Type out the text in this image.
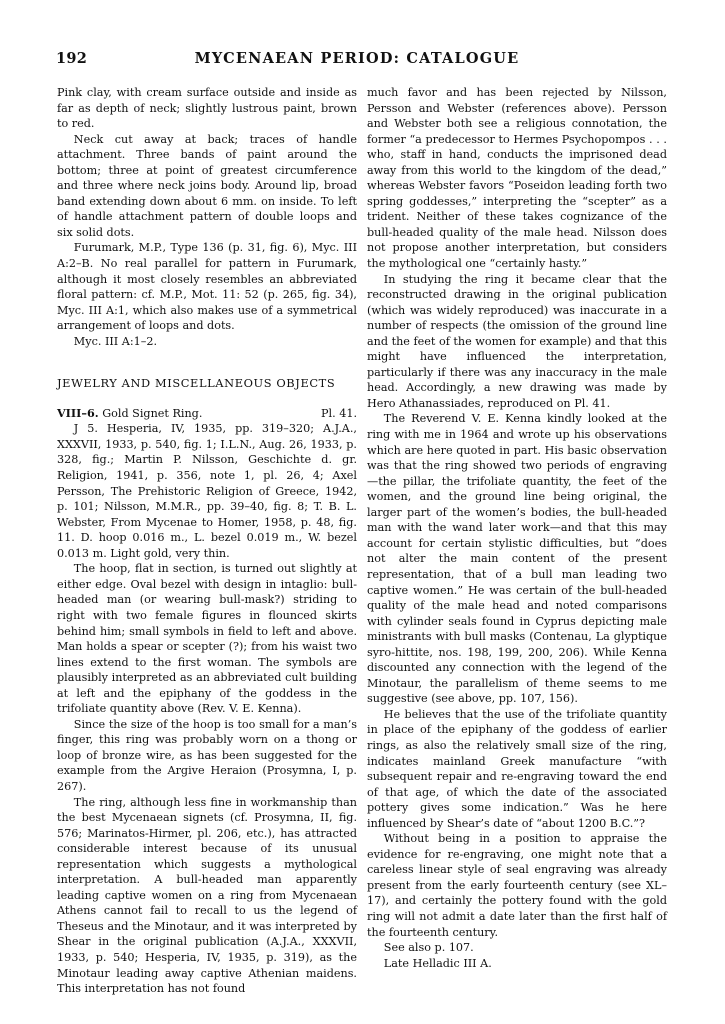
192	MYCENAEAN PERIOD: CATALOGUE

Pink clay, with cream surface outside and inside as far as depth of neck; slightly lustrous paint, brown to red.

Neck cut away at back; traces of handle attachment. Three bands of paint around the bottom; three at point of greatest circumference and three where neck joins body. Around lip, broad band extending down about 6 mm. on inside. To left of handle attachment pattern of double loops and six solid dots.

Furumark, M.P., Type 136 (p. 31, fig. 6), Myc. III A:2–B. No real parallel for pattern in Furumark, although it most closely resembles an abbreviated floral pattern: cf. M.P., Mot. 11: 52 (p. 265, fig. 34), Myc. III A:1, which also makes use of a symmetrical arrangement of loops and dots.

Myc. III A:1–2.

JEWELRY AND MISCELLANEOUS OBJECTS
VIII–6. Gold Signet Ring.	Pl. 41.

J 5. Hesperia, IV, 1935, pp. 319–320; A.J.A., XXXVII, 1933, p. 540, fig. 1; I.L.N., Aug. 26, 1933, p. 328, fig.; Martin P. Nilsson, Geschichte d. gr. Religion, 1941, p. 356, note 1, pl. 26, 4; Axel Persson, The Prehistoric Religion of Greece, 1942, p. 101; Nilsson, M.M.R., pp. 39–40, fig. 8; T. B. L. Webster, From Mycenae to Homer, 1958, p. 48, fig. 11. D. hoop 0.016 m., L. bezel 0.019 m., W. bezel 0.013 m. Light gold, very thin.

The hoop, flat in section, is turned out slightly at either edge. Oval bezel with design in intaglio: bull-headed man (or wearing bull-mask?) striding to right with two female figures in flounced skirts behind him; small symbols in field to left and above. Man holds a spear or scepter (?); from his waist two lines extend to the first woman. The symbols are plausibly interpreted as an abbreviated cult building at left and the epiphany of the goddess in the trifoliate quantity above (Rev. V. E. Kenna).

Since the size of the hoop is too small for a man’s finger, this ring was probably worn on a thong or loop of bronze wire, as has been suggested for the example from the Argive Heraion (Prosymna, I, p. 267).

The ring, although less fine in workmanship than the best Mycenaean signets (cf. Prosymna, II, fig. 576; Marinatos-Hirmer, pl. 206, etc.), has attracted considerable interest because of its unusual representation which suggests a mythological interpretation. A bull-headed man apparently leading captive women on a ring from Mycenaean Athens cannot fail to recall to us the legend of Theseus and the Minotaur, and it was interpreted by Shear in the original publication (A.J.A., XXXVII, 1933, p. 540; Hesperia, IV, 1935, p. 319), as the Minotaur leading away captive Athenian maidens. This interpretation has not found

much favor and has been rejected by Nilsson, Persson and Webster (references above). Persson and Webster both see a religious connotation, the former “a predecessor to Hermes Psychopompos . . . who, staff in hand, conducts the imprisoned dead away from this world to the kingdom of the dead,” whereas Webster favors “Poseidon leading forth two spring goddesses,” interpreting the “scepter” as a trident. Neither of these takes cognizance of the bull-headed quality of the male head. Nilsson does not propose another interpretation, but considers the mythological one “certainly hasty.”

In studying the ring it became clear that the reconstructed drawing in the original publication (which was widely reproduced) was inaccurate in a number of respects (the omission of the ground line and the feet of the women for example) and that this might have influenced the interpretation, particularly if there was any inaccuracy in the male head. Accordingly, a new drawing was made by Hero Athanassiades, reproduced on Pl. 41.

The Reverend V. E. Kenna kindly looked at the ring with me in 1964 and wrote up his observations which are here quoted in part. His basic observation was that the ring showed two periods of engraving—the pillar, the trifoliate quantity, the feet of the women, and the ground line being original, the larger part of the women’s bodies, the bull-headed man with the wand later work—and that this may account for certain stylistic difficulties, but “does not alter the main content of the present representation, that of a bull man leading two captive women.” He was certain of the bull-headed quality of the male head and noted comparisons with cylinder seals found in Cyprus depicting male ministrants with bull masks (Contenau, La glyptique syro-hittite, nos. 198, 199, 200, 206). While Kenna discounted any connection with the legend of the Minotaur, the parallelism of theme seems to me suggestive (see above, pp. 107, 156).

He believes that the use of the trifoliate quantity in place of the epiphany of the goddess of earlier rings, as also the relatively small size of the ring, indicates mainland Greek manufacture “with subsequent repair and re-engraving toward the end of that age, of which the date of the associated pottery gives some indication.” Was he here influenced by Shear’s date of “about 1200 B.C.”?

Without being in a position to appraise the evidence for re-engraving, one might note that a careless linear style of seal engraving was already present from the early fourteenth century (see XL–17), and certainly the pottery found with the gold ring will not admit a date later than the first half of the fourteenth century.

See also p. 107.

Late Helladic III A.
